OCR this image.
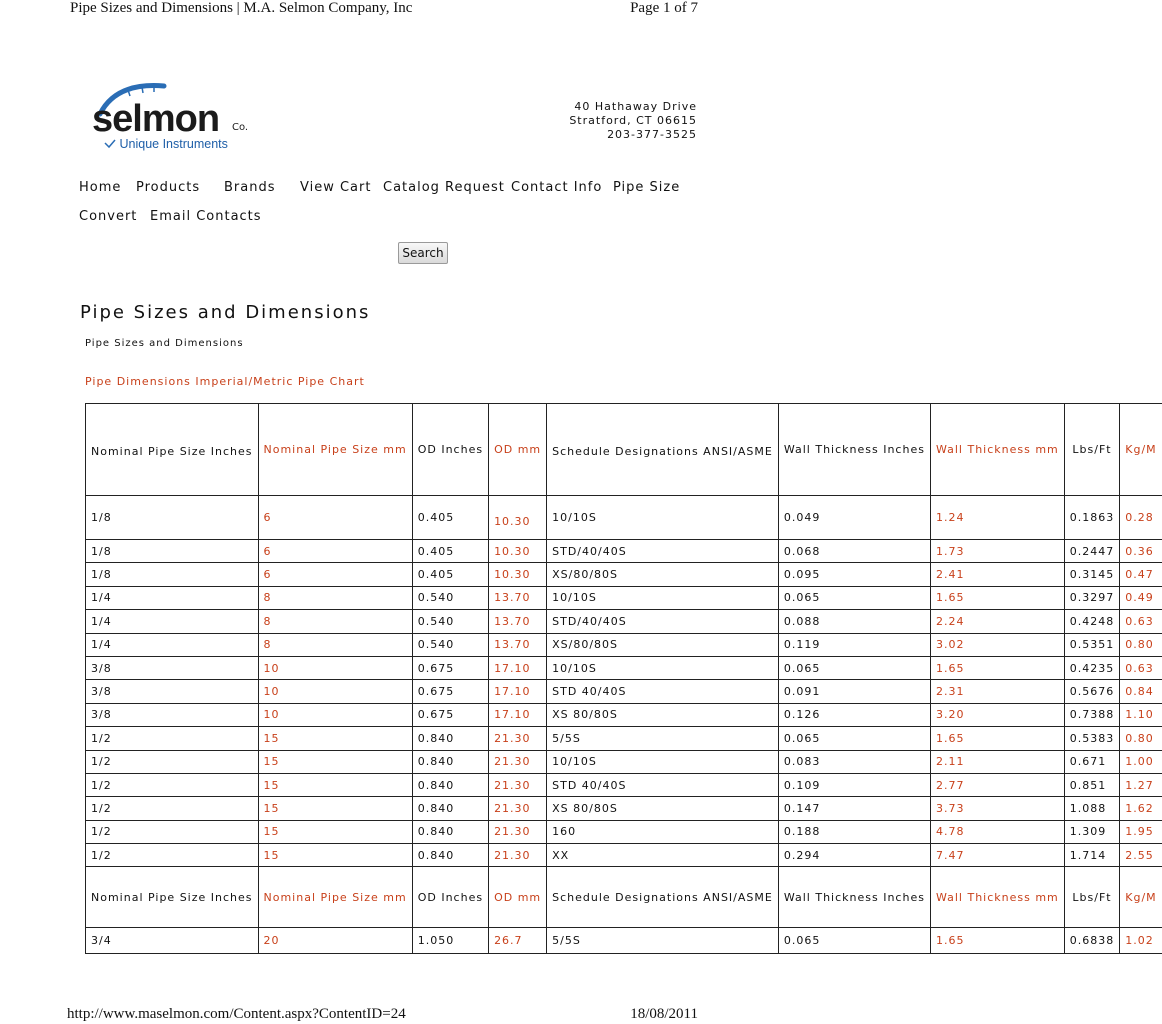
Pipe Sizes and Dimensions | M.A. Selmon Company, Inc	Page 1 of 7
selmon Co.
Unique Instruments
40 Hathaway Drive
Stratford, CT 06615
203-377-3525
Home Products Brands View Cart Catalog Request Contact Info Pipe Size
Convert Email Contacts
Search
Pipe Sizes and Dimensions
Pipe Sizes and Dimensions
Pipe Dimensions Imperial/Metric Pipe Chart
Nominal Pipe Size Inches	Nominal Pipe Size mm	OD Inches	OD mm	Schedule Designations ANSI/ASME	Wall Thickness Inches	Wall Thickness mm	Lbs/Ft	Kg/M
1/8	6	0.405	10.30	10/10S	0.049	1.24	0.1863	0.28
1/8	6	0.405	10.30	STD/40/40S	0.068	1.73	0.2447	0.36
1/8	6	0.405	10.30	XS/80/80S	0.095	2.41	0.3145	0.47
1/4	8	0.540	13.70	10/10S	0.065	1.65	0.3297	0.49
1/4	8	0.540	13.70	STD/40/40S	0.088	2.24	0.4248	0.63
1/4	8	0.540	13.70	XS/80/80S	0.119	3.02	0.5351	0.80
3/8	10	0.675	17.10	10/10S	0.065	1.65	0.4235	0.63
3/8	10	0.675	17.10	STD 40/40S	0.091	2.31	0.5676	0.84
3/8	10	0.675	17.10	XS 80/80S	0.126	3.20	0.7388	1.10
1/2	15	0.840	21.30	5/5S	0.065	1.65	0.5383	0.80
1/2	15	0.840	21.30	10/10S	0.083	2.11	0.671	1.00
1/2	15	0.840	21.30	STD 40/40S	0.109	2.77	0.851	1.27
1/2	15	0.840	21.30	XS 80/80S	0.147	3.73	1.088	1.62
1/2	15	0.840	21.30	160	0.188	4.78	1.309	1.95
1/2	15	0.840	21.30	XX	0.294	7.47	1.714	2.55
Nominal Pipe Size Inches	Nominal Pipe Size mm	OD Inches	OD mm	Schedule Designations ANSI/ASME	Wall Thickness Inches	Wall Thickness mm	Lbs/Ft	Kg/M
3/4	20	1.050	26.7	5/5S	0.065	1.65	0.6838	1.02
http://www.maselmon.com/Content.aspx?ContentID=24	18/08/2011
